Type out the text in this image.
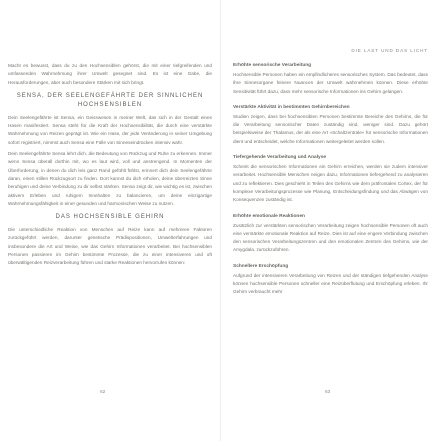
Macht es bewusst, dass du zu den Hochsensiblen gehörst, die mit einer tiefgreifenden und umfassenden Wahrnehmung ihrer Umwelt gesegnet sind. Es ist eine Gabe, die Herausforderungen, aber auch besondere Stärken mit sich bringt.

SENSA, DER SEELENGEFÄHRTE DER SINNLICHEN HOCHSENSIBLEN

Dein Seelengefährte ist Sensa, ein Geisswesen in meiner Welt, das sich in der Gestalt eines Hasen manifestiert. Sensa steht für die Kraft der Hochsensibilität, die durch eine verstärkte Wahrnehmung von Reizen geprägt ist. Wie ein Hase, der jede Veränderung in seiner Umgebung sofort registriert, nimmst auch Sensa eine Fülle von Sinneseindrücken intensiv wahr.

Dein Seelengefährte Sensa lehrt dich, die Bedeutung von Rückzug und Ruhe zu erkennen. Immer wenn Sensa überall dorthin mit, wo es laut wird, voll und anstrengend. In Momenten der Überforderung, in denen du dich leis ganz Rand gefühlt fühlst, erinnert dich dein Seelengefährte daran, einen stillen Rückzugsort zu finden. Dort kannst du dich erholen, deine überreizten Sinne beruhigen und deine Verbindung zu dir selbst stärken. Sensa zeigt dir, wie wichtig es ist, zwischen aktivem Erleben und ruhigem Innehalten zu balancieren, um deine einzigartige Wahrnehmungsfähigkeit in einer gesunden und harmonischen Weise zu nutzen.

DAS HOCHSENSIBLE GEHIRN

Die unterschiedliche Reaktion von Menschen auf Reize kann auf mehreren Faktoren zurückgeführt werden, darunter genetische Prädispositionen, Umwelterfahrungen und insbesondere die Art und Weise, wie das Gehirn Informationen verarbeitet. Bei hochsensiblen Personen passieren im Gehirn bestimmte Prozesse, die zu einer intensiveren und oft überwältigenden Reizverarbeitung führen und starke Reaktionen hervorrufen können:

62
DIE LAST UND DAS LICHT
Erhöhte sensorische Verarbeitung

Hochsensible Personen haben ein empfindlicheres sensorisches System. Das bedeutet, dass ihre Sinnesorgane feinere Nuancen der Umwelt wahrnehmen können. Diese erhöhte Sensitivität führt dazu, dass mehr sensorische Informationen ins Gehirn gelangen.

Verstärkte Aktivität in bestimmten Gehirnbereichen

Studien zeigen, dass bei hochsensiblen Personen bestimmte Bereiche des Gehirns, die für die Verarbeitung sensorischer Daten zuständig sind, weniger sind. Dazu gehört beispielsweise der Thalamus, der als eine Art »Schaltzentrale« für sensorische Informationen dient und entscheidet, welche Informationen weitergeleitet werden sollen.

Tiefergehende Verarbeitung und Analyse

Scheint die sensorischen Informationen ein Gehirn erreichen, werden sie zudem intensiver verarbeitet. Hochsensible Menschen neigen dazu, Informationen tiefergehend zu analysieren und zu reflektieren. Dies geschieht in Teilen des Gehirns wie dem präfrontalen Cortex, der für komplexe Verarbeitungsprozesse wie Planung, Entscheidungsfindung und das Abwägen von Konsequenzen zuständig ist.

Erhöhte emotionale Reaktionen

Zusätzlich zur verstärkten sensorischen Verarbeitung zeigen hochsensible Personen oft auch eine verstärkte emotionale Reaktion auf Reize. Dies ist auf eine engere Verbindung zwischen den sensorischen Verarbeitungszentren und den emotionalen Zentren des Gehirns, wie der Amygdala, zurückzuführen.

Schnellere Erschöpfung

Aufgrund der intensiveren Verarbeitung von Reizen und der ständigen tiefgehenden Analyse können hochsensible Personen schneller eine Reizüberflutung und Erschöpfung erleben. Ihr Gehirn verbraucht mehr

63
